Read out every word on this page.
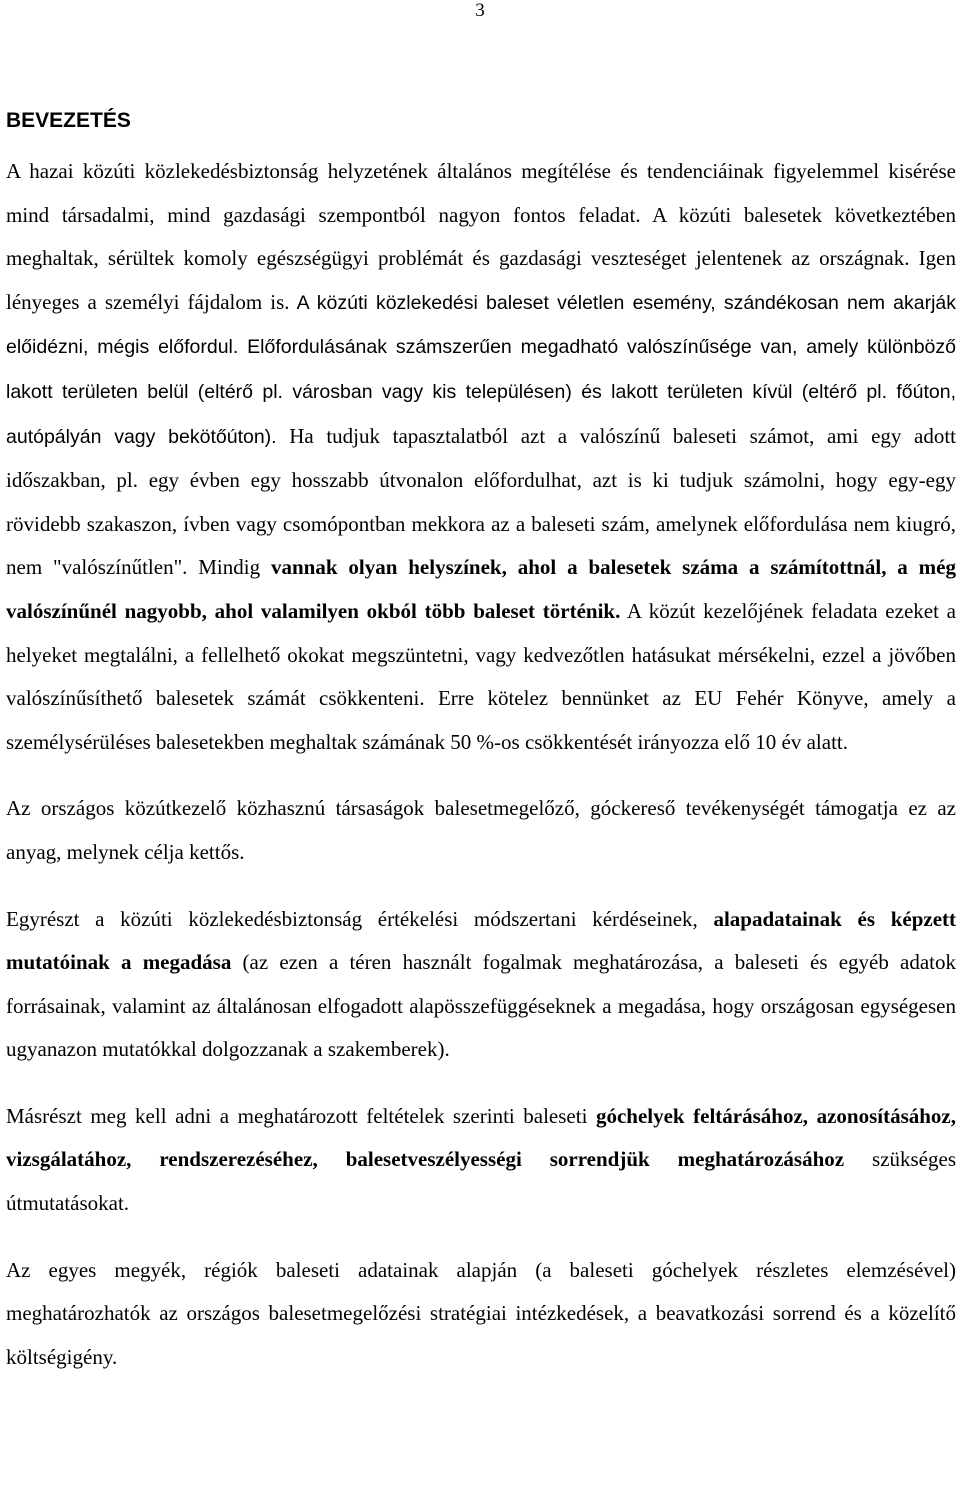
3
BEVEZETÉS

A hazai közúti közlekedésbiztonság helyzetének általános megítélése és tendenciáinak figyelemmel kisérése mind társadalmi, mind gazdasági szempontból nagyon fontos feladat. A közúti balesetek következtében meghaltak, sérültek komoly egészségügyi problémát és gazdasági veszteséget jelentenek az országnak. Igen lényeges a személyi fájdalom is. A közúti közlekedési baleset véletlen esemény, szándékosan nem akarják előidézni, mégis előfordul. Előfordulásának számszerűen megadható valószínűsége van, amely különböző lakott területen belül (eltérő pl. városban vagy kis településen) és lakott területen kívül (eltérő pl. főúton, autópályán vagy bekötőúton). Ha tudjuk tapasztalatból azt a valószínű baleseti számot, ami egy adott időszakban, pl. egy évben egy hosszabb útvonalon előfordulhat, azt is ki tudjuk számolni, hogy egy-egy rövidebb szakaszon, ívben vagy csomópontban mekkora az a baleseti szám, amelynek előfordulása nem kiugró, nem "valószínűtlen". Mindig vannak olyan helyszínek, ahol a balesetek száma a számítottnál, a még valószínűnél nagyobb, ahol valamilyen okból több baleset történik. A közút kezelőjének feladata ezeket a helyeket megtalálni, a fellelhető okokat megszüntetni, vagy kedvezőtlen hatásukat mérsékelni, ezzel a jövőben valószínűsíthető balesetek számát csökkenteni. Erre kötelez bennünket az EU Fehér Könyve, amely a személysérüléses balesetekben meghaltak számának 50 %-os csökkentését irányozza elő 10 év alatt.

Az országos közútkezelő közhasznú társaságok balesetmegelőző, góckereső tevékenységét támogatja ez az anyag, melynek célja kettős.

Egyrészt a közúti közlekedésbiztonság értékelési módszertani kérdéseinek, alapadatainak és képzett mutatóinak a megadása (az ezen a téren használt fogalmak meghatározása, a baleseti és egyéb adatok forrásainak, valamint az általánosan elfogadott alapösszefüggéseknek a megadása, hogy országosan egységesen ugyanazon mutatókkal dolgozzanak a szakemberek).

Másrészt meg kell adni a meghatározott feltételek szerinti baleseti góchelyek feltárásához, azonosításához, vizsgálatához, rendszerezéséhez, balesetveszélyességi sorrendjük meghatározásához szükséges útmutatásokat.

Az egyes megyék, régiók baleseti adatainak alapján (a baleseti góchelyek részletes elemzésével) meghatározhatók az országos balesetmegelőzési stratégiai intézkedések, a beavatkozási sorrend és a közelítő költségigény.
